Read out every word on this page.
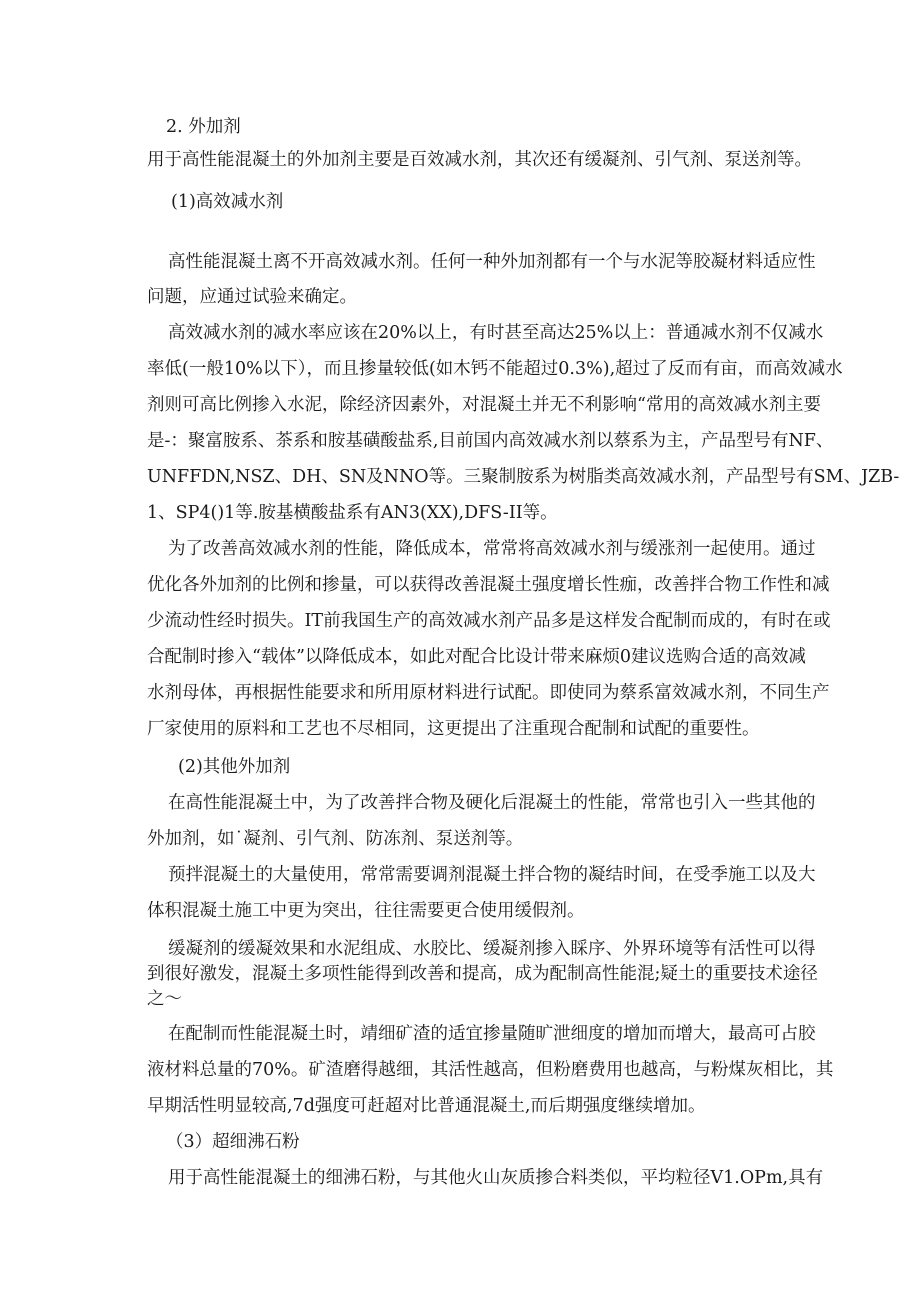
2. 外加剂
用于高性能混凝土的外加剂主要是百效减水剂，其次还有缓凝剂、引气剂、泵送剂等。
(1)高效减水剂
高性能混凝土离不开高效减水剂。任何一种外加剂都有一个与水泥等胶凝材料适应性
问题，应通过试验来确定。
高效减水剂的减水率应该在20%以上，有时甚至高达25%以上：普通减水剂不仅减水
率低(一般10%以下），而且掺量较低(如木钙不能超过0.3%),超过了反而有亩，而高效减水
剂则可高比例掺入水泥，除经济因素外，对混凝土并无不利影响“常用的高效减水剂主要
是-：聚富胺系、茶系和胺基磺酸盐系,目前国内高效减水剂以蔡系为主，产品型号有NF、
UNFFDN,NSZ、DH、SN及NNO等。三聚制胺系为树脂类高效减水剂，产品型号有SM、JZB-
1、SP4()1等.胺基横酸盐系有AN3(XX),DFS-II等。
为了改善高效减水剂的性能，降低成本，常常将高效减水剂与缓涨剂一起使用。通过
优化各外加剂的比例和掺量，可以获得改善混凝土强度增长性痂，改善拌合物工作性和减
少流动性经时损失。IT前我国生产的高效减水剂产品多是这样发合配制而成的，有时在或
合配制时掺入“载体”以降低成本，如此对配合比设计带来麻烦0建议选购合适的高效减
水剂母体，再根据性能要求和所用原材料进行试配。即使同为蔡系富效减水剂，不同生产
厂家使用的原料和工艺也不尽相同，这更提出了注重现合配制和试配的重要性。
(2)其他外加剂
在高性能混凝土中，为了改善拌合物及硬化后混凝土的性能，常常也引入一些其他的
外加剂，如˙凝剂、引气剂、防冻剂、泵送剂等。
预拌混凝土的大量使用，常常需要调剂混凝土拌合物的凝结时间，在受季施工以及大
体积混凝土施工中更为突出，往往需要更合使用缓假剂。
缓凝剂的缓凝效果和水泥组成、水胶比、缓凝剂掺入睬序、外界环境等有活性可以得
到很好激发，混凝土多项性能得到改善和提高，成为配制高性能混;疑土的重要技术途径
之〜
在配制而性能混凝土时，靖细矿渣的适宜掺量随旷泄细度的增加而增大，最高可占胶
液材料总量的70%。矿渣磨得越细，其活性越高，但粉磨费用也越高，与粉煤灰相比，其
早期活性明显较高,7d强度可赶超对比普通混凝土,而后期强度继续增加。
（3）超细沸石粉
用于高性能混凝土的细沸石粉，与其他火山灰质掺合料类似，平均粒径V1.OPm,具有
